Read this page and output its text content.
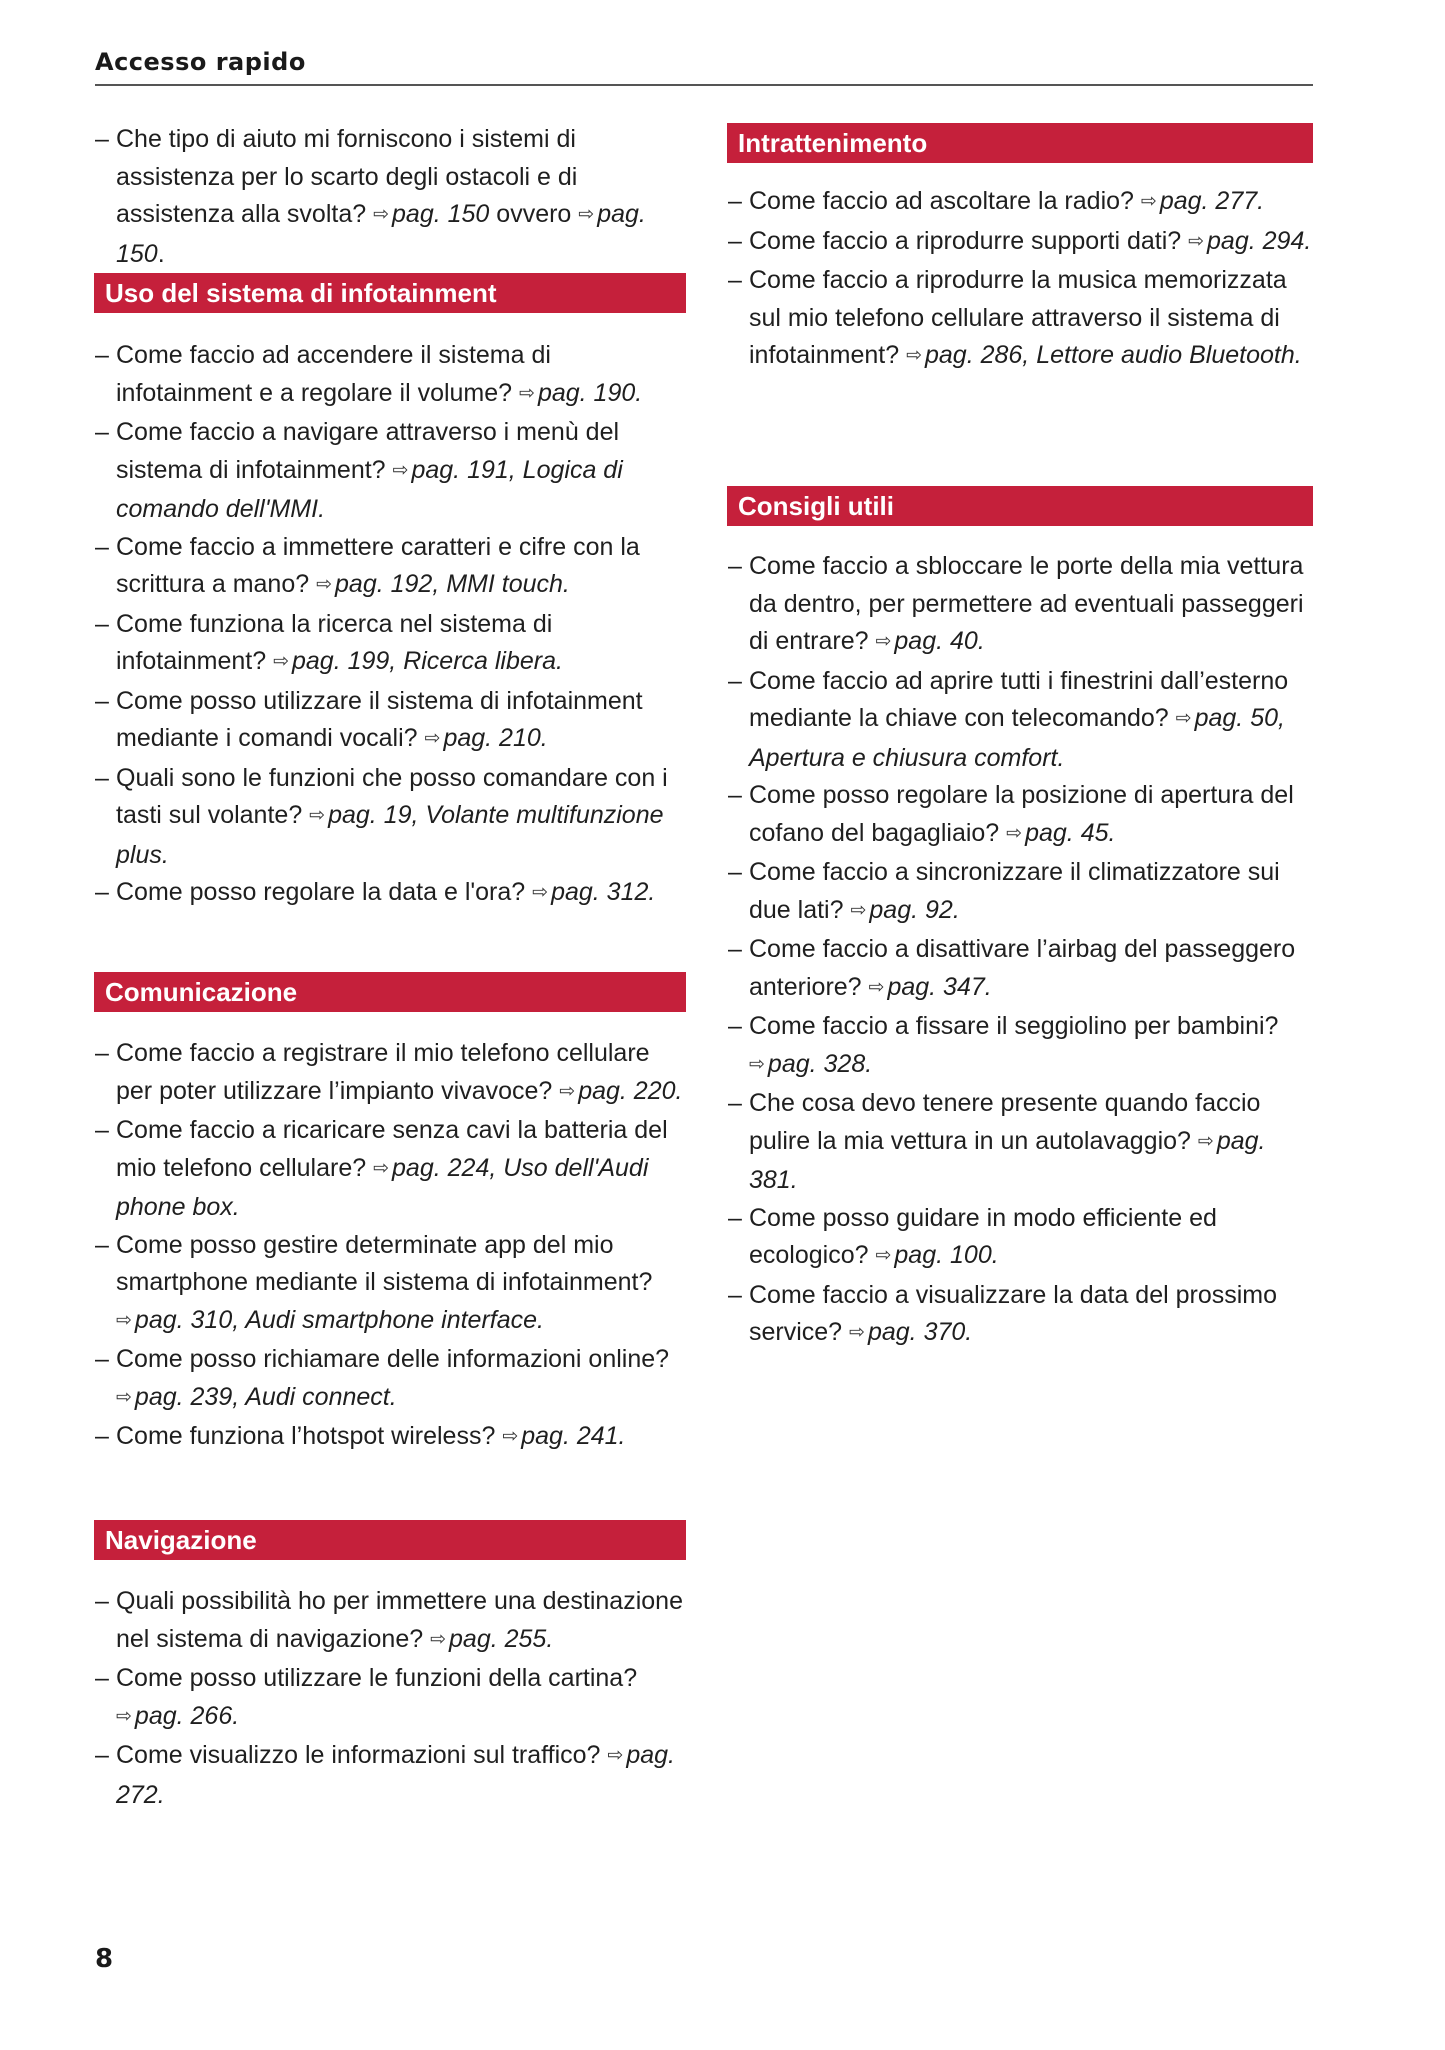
Accesso rapido
– Che tipo di aiuto mi forniscono i sistemi di assistenza per lo scarto degli ostacoli e di assistenza alla svolta? ⇨ pag. 150 ovvero ⇨ pag. 150.
Uso del sistema di infotainment
– Come faccio ad accendere il sistema di infotainment e a regolare il volume? ⇨ pag. 190.
– Come faccio a navigare attraverso i menù del sistema di infotainment? ⇨ pag. 191, Logica di comando dell'MMI.
– Come faccio a immettere caratteri e cifre con la scrittura a mano? ⇨ pag. 192, MMI touch.
– Come funziona la ricerca nel sistema di infotainment? ⇨ pag. 199, Ricerca libera.
– Come posso utilizzare il sistema di infotainment mediante i comandi vocali? ⇨ pag. 210.
– Quali sono le funzioni che posso comandare con i tasti sul volante? ⇨ pag. 19, Volante multifunzione plus.
– Come posso regolare la data e l'ora? ⇨ pag. 312.
Comunicazione
– Come faccio a registrare il mio telefono cellulare per poter utilizzare l’impianto vivavoce? ⇨ pag. 220.
– Come faccio a ricaricare senza cavi la batteria del mio telefono cellulare? ⇨ pag. 224, Uso dell'Audi phone box.
– Come posso gestire determinate app del mio smartphone mediante il sistema di infotainment? ⇨ pag. 310, Audi smartphone interface.
– Come posso richiamare delle informazioni online? ⇨ pag. 239, Audi connect.
– Come funziona l’hotspot wireless? ⇨ pag. 241.
Navigazione
– Quali possibilità ho per immettere una destinazione nel sistema di navigazione? ⇨ pag. 255.
– Come posso utilizzare le funzioni della cartina? ⇨ pag. 266.
– Come visualizzo le informazioni sul traffico? ⇨ pag. 272.
Intrattenimento
– Come faccio ad ascoltare la radio? ⇨ pag. 277.
– Come faccio a riprodurre supporti dati? ⇨ pag. 294.
– Come faccio a riprodurre la musica memorizzata sul mio telefono cellulare attraverso il sistema di infotainment? ⇨ pag. 286, Lettore audio Bluetooth.
Consigli utili
– Come faccio a sbloccare le porte della mia vettura da dentro, per permettere ad eventuali passeggeri di entrare? ⇨ pag. 40.
– Come faccio ad aprire tutti i finestrini dall’esterno mediante la chiave con telecomando? ⇨ pag. 50, Apertura e chiusura comfort.
– Come posso regolare la posizione di apertura del cofano del bagagliaio? ⇨ pag. 45.
– Come faccio a sincronizzare il climatizzatore sui due lati? ⇨ pag. 92.
– Come faccio a disattivare l’airbag del passeggero anteriore? ⇨ pag. 347.
– Come faccio a fissare il seggiolino per bambini? ⇨ pag. 328.
– Che cosa devo tenere presente quando faccio pulire la mia vettura in un autolavaggio? ⇨ pag. 381.
– Come posso guidare in modo efficiente ed ecologico? ⇨ pag. 100.
– Come faccio a visualizzare la data del prossimo service? ⇨ pag. 370.
8
